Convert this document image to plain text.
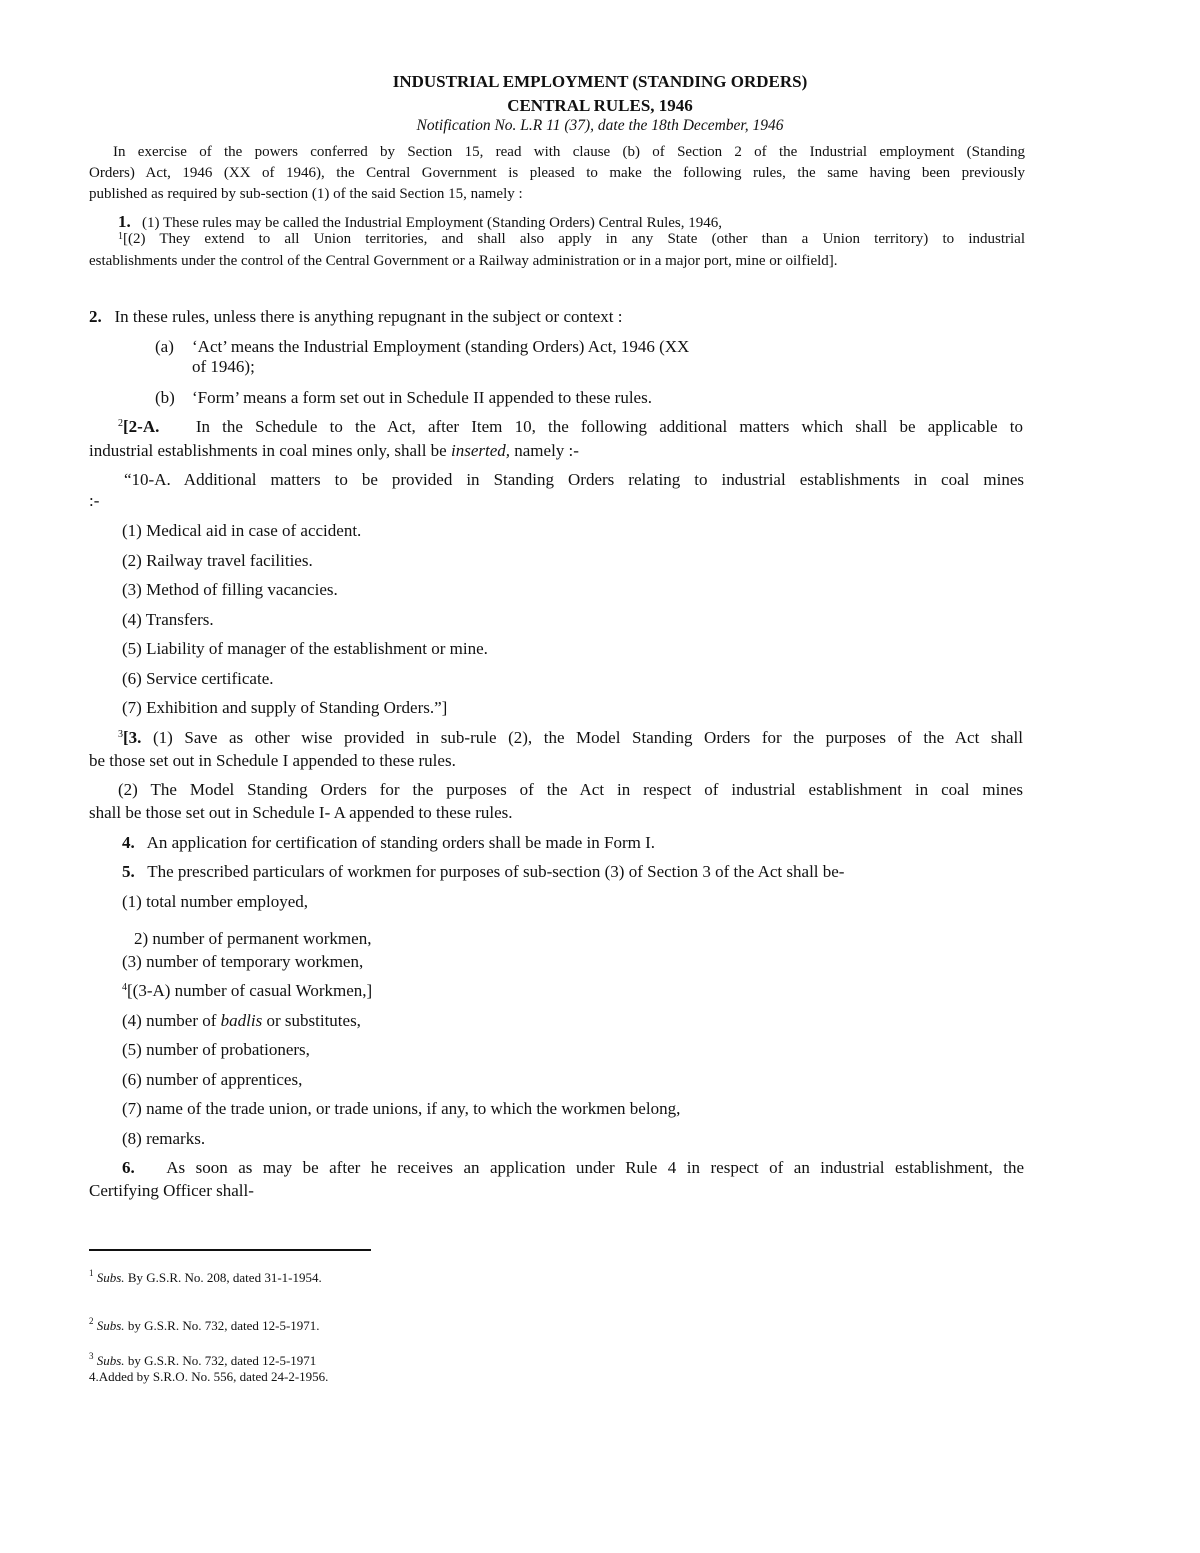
INDUSTRIAL EMPLOYMENT (STANDING ORDERS)
CENTRAL RULES, 1946
Notification No. L.R 11 (37), date the 18th December, 1946
In exercise of the powers conferred by Section 15, read with clause (b) of Section 2 of the Industrial employment (Standing
Orders) Act, 1946 (XX of 1946), the Central Government is pleased to make the following rules, the same having been previously
published as required by sub-section (1) of the said Section 15, namely :
1. (1) These rules may be called the Industrial Employment (Standing Orders) Central Rules, 1946,
$^1$[(2) They extend to all Union territories, and shall also apply in any State (other than a Union territory) to industrial
establishments under the control of the Central Government or a Railway administration or in a major port, mine or oilfield].
2. In these rules, unless there is anything repugnant in the subject or context :
(a) ‘Act’ means the Industrial Employment (standing Orders) Act, 1946 (XX
of 1946);
(b) ‘Form’ means a form set out in Schedule II appended to these rules.
$^2$[2-A. In the Schedule to the Act, after Item 10, the following additional matters which shall be applicable to
industrial establishments in coal mines only, shall be inserted, namely :-
“10-A. Additional matters to be provided in Standing Orders relating to industrial establishments in coal mines
:-
(1) Medical aid in case of accident.
(2) Railway travel facilities.
(3) Method of filling vacancies.
(4) Transfers.
(5) Liability of manager of the establishment or mine.
(6) Service certificate.
(7) Exhibition and supply of Standing Orders.”]
$^3$[3. (1) Save as other wise provided in sub-rule (2), the Model Standing Orders for the purposes of the Act shall
be those set out in Schedule I appended to these rules.
(2) The Model Standing Orders for the purposes of the Act in respect of industrial establishment in coal mines
shall be those set out in Schedule I- A appended to these rules.
4. An application for certification of standing orders shall be made in Form I.
5. The prescribed particulars of workmen for purposes of sub-section (3) of Section 3 of the Act shall be-
(1) total number employed,
2) number of permanent workmen,
(3) number of temporary workmen,
$^4$[(3-A) number of casual Workmen,]
(4) number of badlis or substitutes,
(5) number of probationers,
(6) number of apprentices,
(7) name of the trade union, or trade unions, if any, to which the workmen belong,
(8) remarks.
6. As soon as may be after he receives an application under Rule 4 in respect of an industrial establishment, the
Certifying Officer shall-
$^1$ Subs. By G.S.R. No. 208, dated 31-1-1954.
$^2$ Subs. by G.S.R. No. 732, dated 12-5-1971.
$^3$ Subs. by G.S.R. No. 732, dated 12-5-1971
4.Added by S.R.O. No. 556, dated 24-2-1956.
